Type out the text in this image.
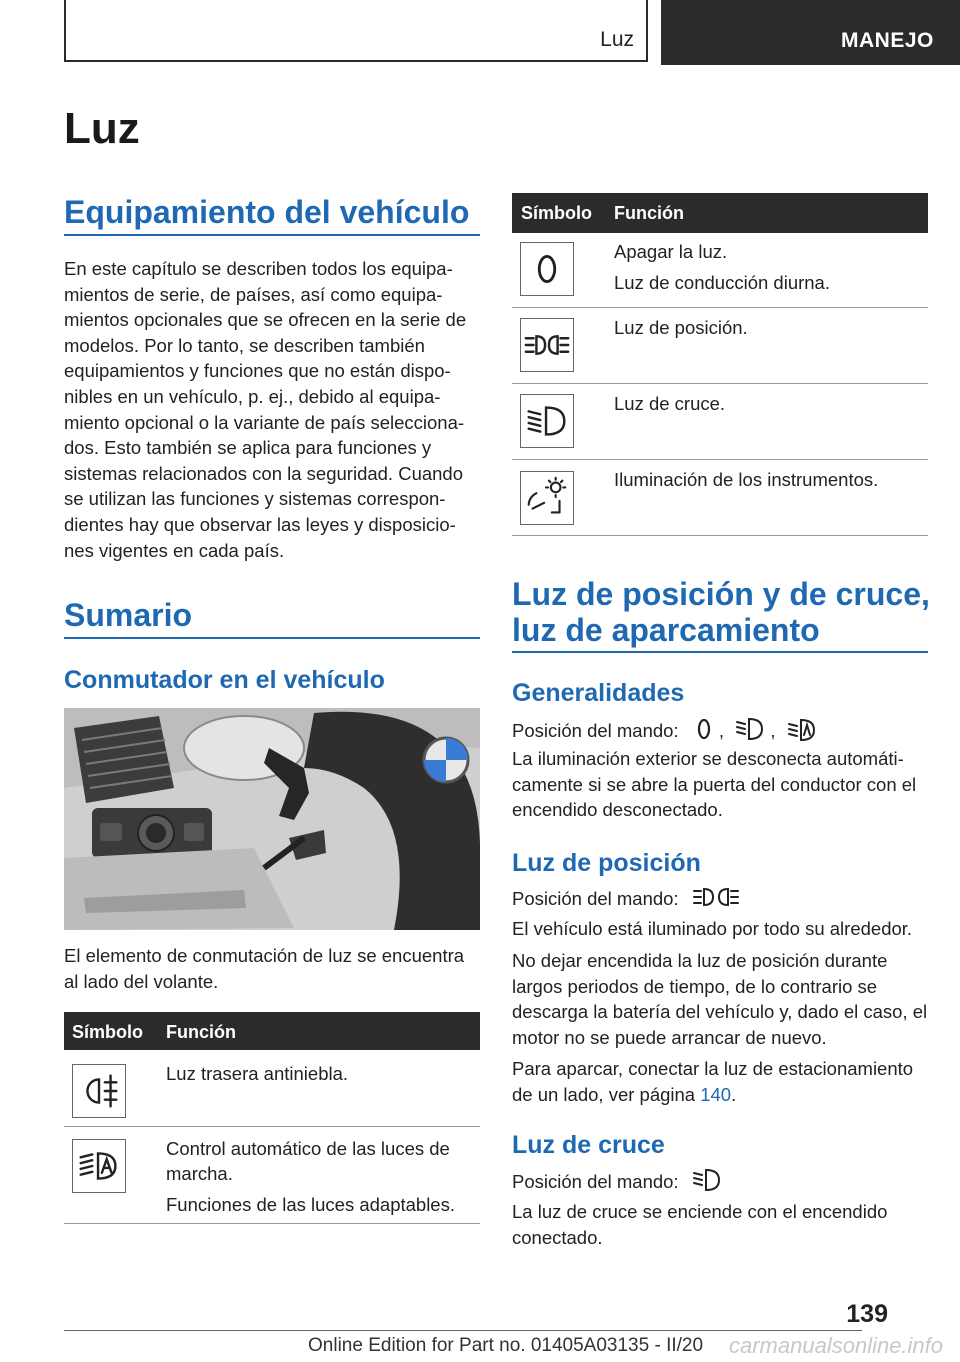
Luz	MANEJO
Luz
Equipamiento del vehículo

En este capítulo se describen todos los equipa-mientos de serie, de países, así como equipa-mientos opcionales que se ofrecen en la serie de modelos. Por lo tanto, se describen también equipamientos y funciones que no están dispo-nibles en un vehículo, p. ej., debido al equipa-miento opcional o la variante de país selecciona-dos. Esto también se aplica para funciones y sistemas relacionados con la seguridad. Cuando se utilizan las funciones y sistemas correspon-dientes hay que observar las leyes y disposicio-nes vigentes en cada país.

Sumario
Conmutador en el vehículo

El elemento de conmutación de luz se encuentra al lado del volante.

Símbolo Función
Luz trasera antiniebla.
Control automático de las luces de marcha.
Funciones de las luces adaptables.
Símbolo Función
Apagar la luz.
Luz de conducción diurna.
Luz de posición.
Luz de cruce.
Iluminación de los instrumentos.
Luz de posición y de cruce, luz de aparcamiento
Generalidades
Posición del mando: ,	,

La iluminación exterior se desconecta automáti-camente si se abre la puerta del conductor con el encendido desconectado.

Luz de posición
Posición del mando:

El vehículo está iluminado por todo su alrededor.

No dejar encendida la luz de posición durante largos periodos de tiempo, de lo contrario se descarga la batería del vehículo y, dado el caso, el motor no se puede arrancar de nuevo.

Para aparcar, conectar la luz de estacionamiento de un lado, ver página 140.

Luz de cruce
Posición del mando:

La luz de cruce se enciende con el encendido conectado.

139
Online Edition for Part no. 01405A03135 - II/20 carmanualsonline.info
